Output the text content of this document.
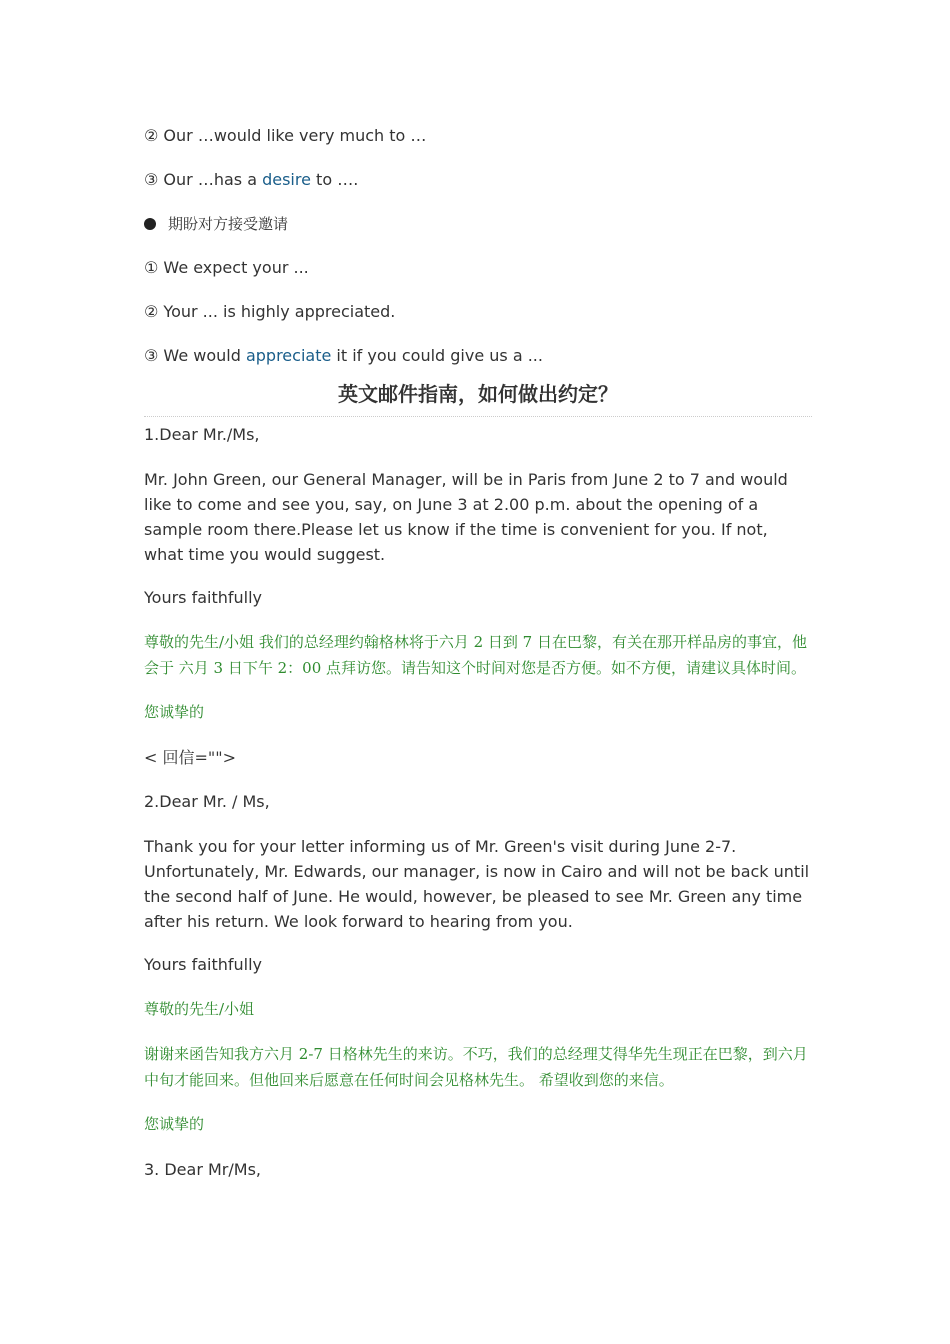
② Our …would like very much to …
③ Our …has a desire to ….
期盼对方接受邀请
① We expect your ...
② Your ... is highly appreciated.
③ We would appreciate it if you could give us a ...
英文邮件指南，如何做出约定？
1.Dear Mr./Ms,
Mr. John Green, our General Manager, will be in Paris from June 2 to 7 and would like to come and see you, say, on June 3 at 2.00 p.m. about the opening of a sample room there.Please let us know if the time is convenient for you. If not, what time you would suggest.
Yours faithfully
尊敬的先生/小姐 我们的总经理约翰格林将于六月 2 日到 7 日在巴黎，有关在那开样品房的事宜，他会于 六月 3 日下午 2：00 点拜访您。请告知这个时间对您是否方便。如不方便，请建议具体时间。
您诚挚的
< 回信="">
2.Dear Mr. / Ms,
Thank you for your letter informing us of Mr. Green's visit during June 2-7. Unfortunately, Mr. Edwards, our manager, is now in Cairo and will not be back until the second half of June. He would, however, be pleased to see Mr. Green any time after his return. We look forward to hearing from you.
Yours faithfully
尊敬的先生/小姐
谢谢来函告知我方六月 2-7 日格林先生的来访。不巧，我们的总经理艾得华先生现正在巴黎，到六月中旬才能回来。但他回来后愿意在任何时间会见格林先生。 希望收到您的来信。
您诚挚的
3. Dear Mr/Ms,
